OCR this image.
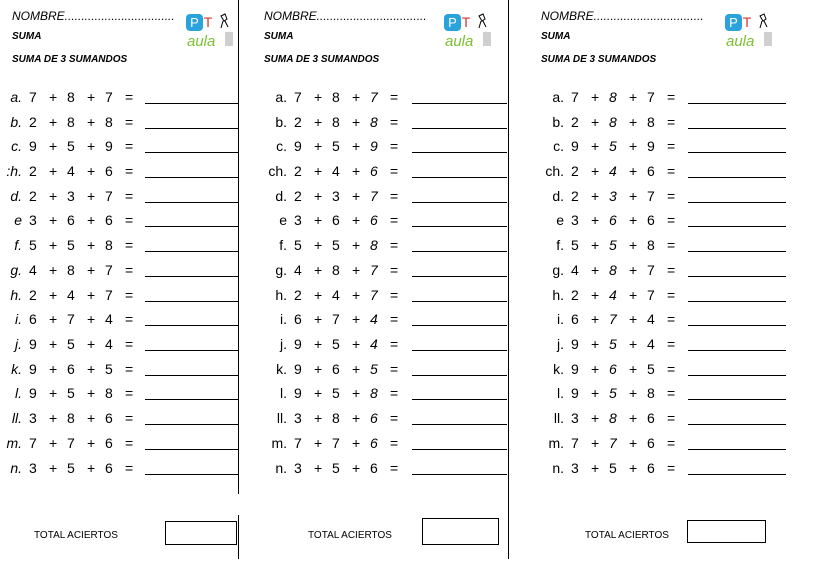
NOMBRE.................................
SUMA
SUMA DE 3 SUMANDOS
P T
aula
a. 7 + 8 + 7 =
b. 2 + 8 + 8 =
c. 9 + 5 + 9 =
:h. 2 + 4 + 6 =
d. 2 + 3 + 7 =
e 3 + 6 + 6 =
f. 5 + 5 + 8 =
g. 4 + 8 + 7 =
h. 2 + 4 + 7 =
i. 6 + 7 + 4 =
j. 9 + 5 + 4 =
k. 9 + 6 + 5 =
l. 9 + 5 + 8 =
ll. 3 + 8 + 6 =
m. 7 + 7 + 6 =
n. 3 + 5 + 6 =
TOTAL ACIERTOS
NOMBRE.................................
SUMA
SUMA DE 3 SUMANDOS
P T
aula
a. 7 + 8 + 7 =
b. 2 + 8 + 8 =
c. 9 + 5 + 9 =
ch. 2 + 4 + 6 =
d. 2 + 3 + 7 =
e 3 + 6 + 6 =
f. 5 + 5 + 8 =
g. 4 + 8 + 7 =
h. 2 + 4 + 7 =
i. 6 + 7 + 4 =
j. 9 + 5 + 4 =
k. 9 + 6 + 5 =
l. 9 + 5 + 8 =
ll. 3 + 8 + 6 =
m. 7 + 7 + 6 =
n. 3 + 5 + 6 =
TOTAL ACIERTOS
NOMBRE.................................
SUMA
SUMA DE 3 SUMANDOS
P T
aula
a. 7 + 8 + 7 =
b. 2 + 8 + 8 =
c. 9 + 5 + 9 =
ch. 2 + 4 + 6 =
d. 2 + 3 + 7 =
e 3 + 6 + 6 =
f. 5 + 5 + 8 =
g. 4 + 8 + 7 =
h. 2 + 4 + 7 =
i. 6 + 7 + 4 =
j. 9 + 5 + 4 =
k. 9 + 6 + 5 =
l. 9 + 5 + 8 =
ll. 3 + 8 + 6 =
m. 7 + 7 + 6 =
n. 3 + 5 + 6 =
TOTAL ACIERTOS
